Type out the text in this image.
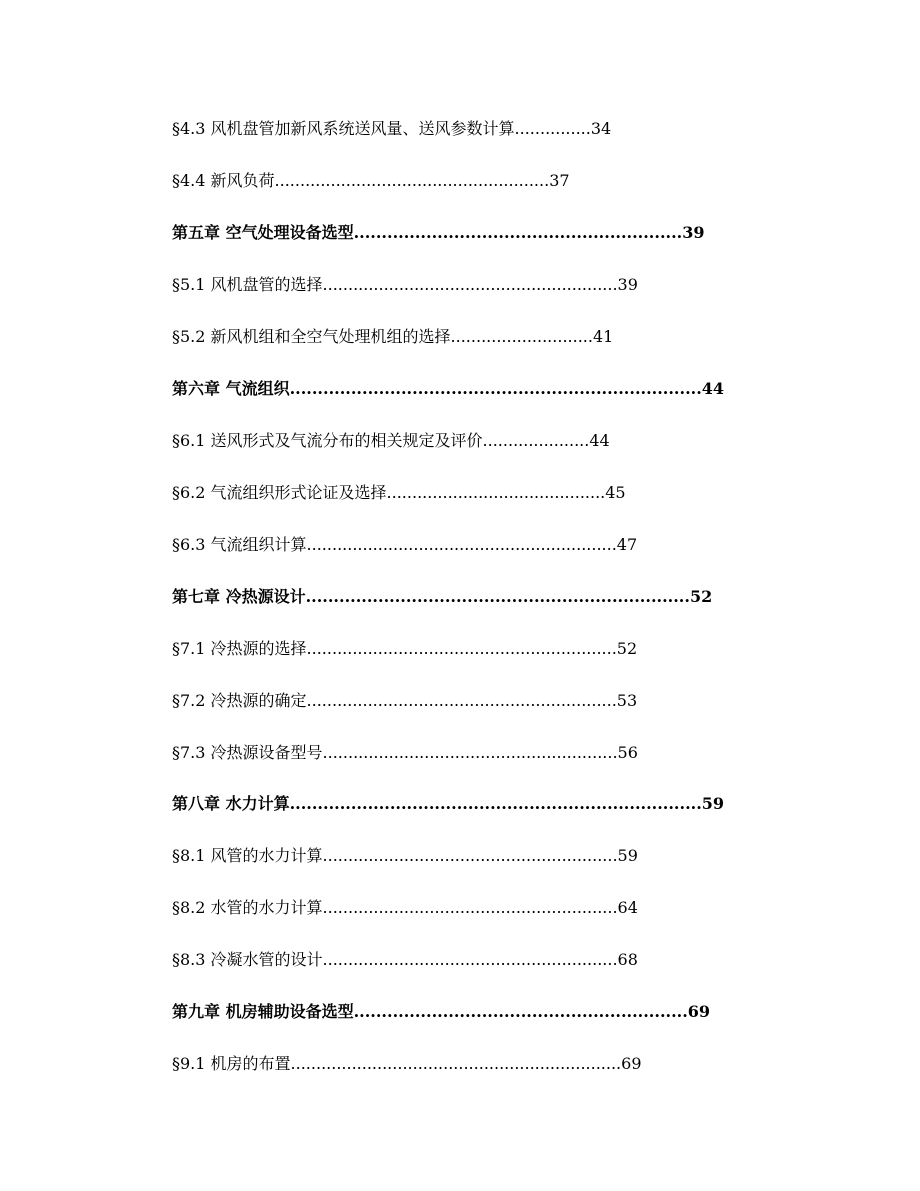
§4.3 风机盘管加新风系统送风量、送风参数计算...............34
§4.4 新风负荷......................................................37
第五章 空气处理设备选型...........................................................39
§5.1 风机盘管的选择..........................................................39
§5.2 新风机组和全空气处理机组的选择............................41
第六章 气流组织..........................................................................44
§6.1 送风形式及气流分布的相关规定及评价.....................44
§6.2 气流组织形式论证及选择...........................................45
§6.3 气流组织计算.............................................................47
第七章 冷热源设计.....................................................................52
§7.1 冷热源的选择.............................................................52
§7.2 冷热源的确定.............................................................53
§7.3 冷热源设备型号..........................................................56
第八章 水力计算..........................................................................59
§8.1 风管的水力计算..........................................................59
§8.2 水管的水力计算..........................................................64
§8.3 冷凝水管的设计..........................................................68
第九章 机房辅助设备选型............................................................69
§9.1 机房的布置.................................................................69
